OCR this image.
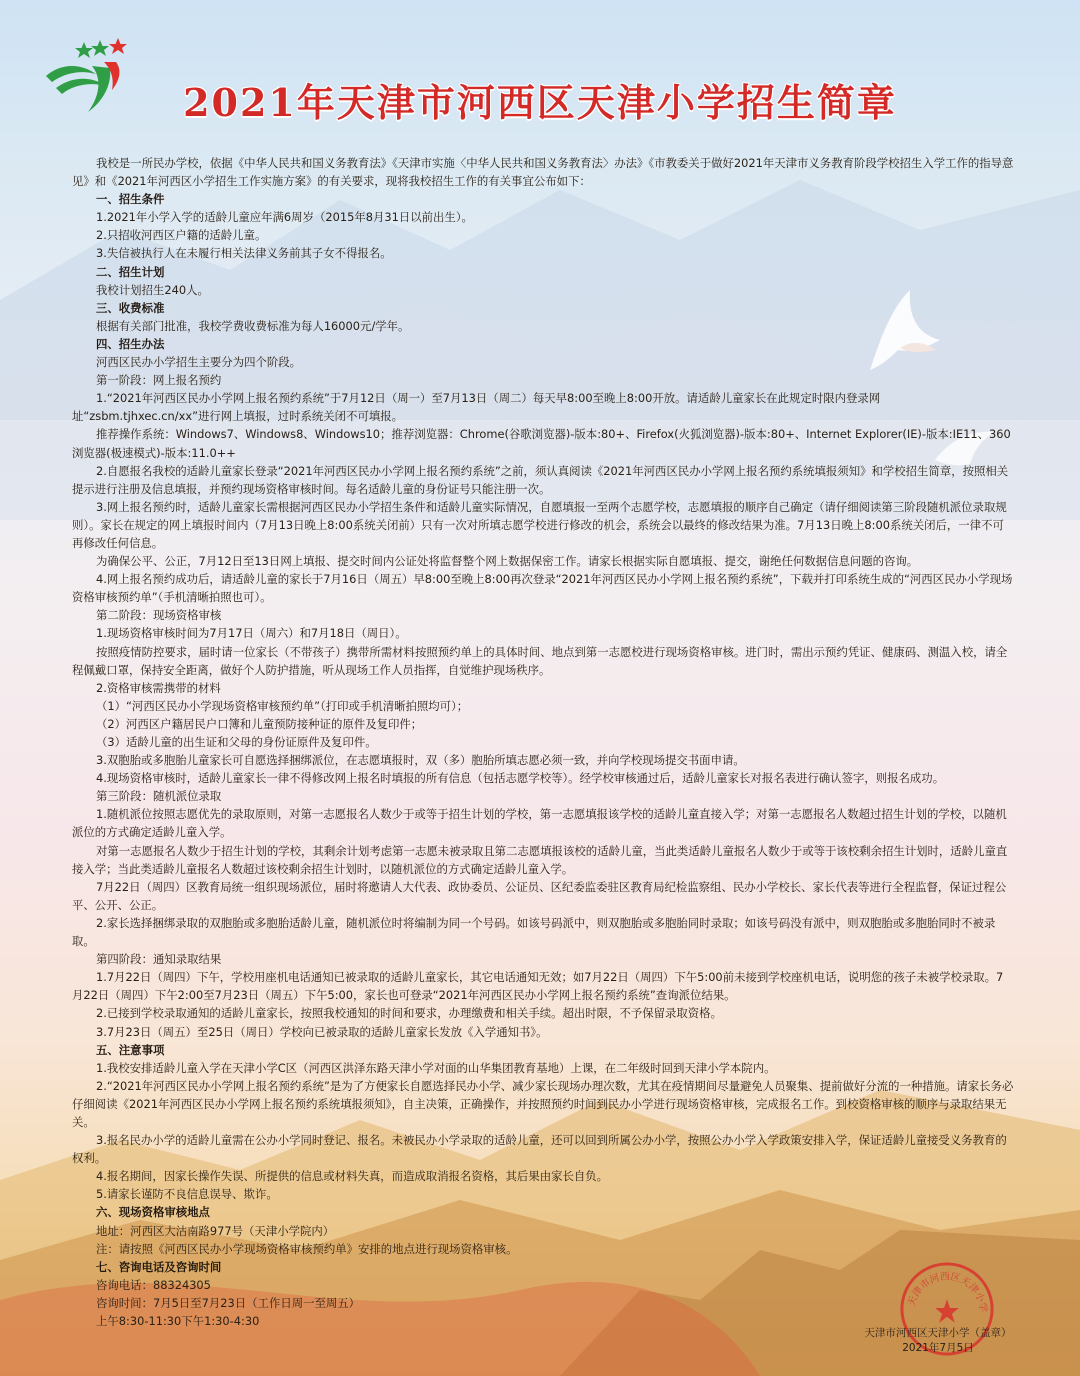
2021年天津市河西区天津小学招生简章

我校是一所民办学校，依据《中华人民共和国义务教育法》《天津市实施〈中华人民共和国义务教育法〉办法》《市教委关于做好2021年天津市义务教育阶段学校招生入学工作的指导意见》和《2021年河西区小学招生工作实施方案》的有关要求，现将我校招生工作的有关事宜公布如下：

一、招生条件

1.2021年小学入学的适龄儿童应年满6周岁（2015年8月31日以前出生）。

2.只招收河西区户籍的适龄儿童。

3.失信被执行人在未履行相关法律义务前其子女不得报名。

二、招生计划

我校计划招生240人。

三、收费标准

根据有关部门批准，我校学费收费标准为每人16000元/学年。

四、招生办法

河西区民办小学招生主要分为四个阶段。

第一阶段：网上报名预约

1.“2021年河西区民办小学网上报名预约系统”于7月12日（周一）至7月13日（周二）每天早8:00至晚上8:00开放。请适龄儿童家长在此规定时限内登录网址“zsbm.tjhxec.cn/xx”进行网上填报，过时系统关闭不可填报。

推荐操作系统：Windows7、Windows8、Windows10；推荐浏览器：Chrome(谷歌浏览器)-版本:80+、Firefox(火狐浏览器)-版本:80+、Internet Explorer(IE)-版本:IE11、360浏览器(极速模式)-版本:11.0++

2.自愿报名我校的适龄儿童家长登录“2021年河西区民办小学网上报名预约系统”之前，须认真阅读《2021年河西区民办小学网上报名预约系统填报须知》和学校招生简章，按照相关提示进行注册及信息填报，并预约现场资格审核时间。每名适龄儿童的身份证号只能注册一次。

3.网上报名预约时，适龄儿童家长需根据河西区民办小学招生条件和适龄儿童实际情况，自愿填报一至两个志愿学校，志愿填报的顺序自己确定（请仔细阅读第三阶段随机派位录取规则）。家长在规定的网上填报时间内（7月13日晚上8:00系统关闭前）只有一次对所填志愿学校进行修改的机会，系统会以最终的修改结果为准。7月13日晚上8:00系统关闭后，一律不可再修改任何信息。

为确保公平、公正，7月12日至13日网上填报、提交时间内公证处将监督整个网上数据保密工作。请家长根据实际自愿填报、提交，谢绝任何数据信息问题的咨询。

4.网上报名预约成功后，请适龄儿童的家长于7月16日（周五）早8:00至晚上8:00再次登录“2021年河西区民办小学网上报名预约系统”，下载并打印系统生成的“河西区民办小学现场资格审核预约单”（手机清晰拍照也可）。

第二阶段：现场资格审核

1.现场资格审核时间为7月17日（周六）和7月18日（周日）。

按照疫情防控要求，届时请一位家长（不带孩子）携带所需材料按照预约单上的具体时间、地点到第一志愿校进行现场资格审核。进门时，需出示预约凭证、健康码、测温入校，请全程佩戴口罩，保持安全距离，做好个人防护措施，听从现场工作人员指挥，自觉维护现场秩序。

2.资格审核需携带的材料

（1）“河西区民办小学现场资格审核预约单”（打印或手机清晰拍照均可）；

（2）河西区户籍居民户口簿和儿童预防接种证的原件及复印件；

（3）适龄儿童的出生证和父母的身份证原件及复印件。

3.双胞胎或多胞胎儿童家长可自愿选择捆绑派位，在志愿填报时，双（多）胞胎所填志愿必须一致，并向学校现场提交书面申请。

4.现场资格审核时，适龄儿童家长一律不得修改网上报名时填报的所有信息（包括志愿学校等）。经学校审核通过后，适龄儿童家长对报名表进行确认签字，则报名成功。

第三阶段：随机派位录取

1.随机派位按照志愿优先的录取原则，对第一志愿报名人数少于或等于招生计划的学校，第一志愿填报该学校的适龄儿童直接入学；对第一志愿报名人数超过招生计划的学校，以随机派位的方式确定适龄儿童入学。

对第一志愿报名人数少于招生计划的学校，其剩余计划考虑第一志愿未被录取且第二志愿填报该校的适龄儿童，当此类适龄儿童报名人数少于或等于该校剩余招生计划时，适龄儿童直接入学；当此类适龄儿童报名人数超过该校剩余招生计划时，以随机派位的方式确定适龄儿童入学。

7月22日（周四）区教育局统一组织现场派位，届时将邀请人大代表、政协委员、公证员、区纪委监委驻区教育局纪检监察组、民办小学校长、家长代表等进行全程监督，保证过程公平、公开、公正。

2.家长选择捆绑录取的双胞胎或多胞胎适龄儿童，随机派位时将编制为同一个号码。如该号码派中，则双胞胎或多胞胎同时录取；如该号码没有派中，则双胞胎或多胞胎同时不被录取。

第四阶段：通知录取结果

1.7月22日（周四）下午，学校用座机电话通知已被录取的适龄儿童家长，其它电话通知无效；如7月22日（周四）下午5:00前未接到学校座机电话，说明您的孩子未被学校录取。7月22日（周四）下午2:00至7月23日（周五）下午5:00，家长也可登录“2021年河西区民办小学网上报名预约系统”查询派位结果。

2.已接到学校录取通知的适龄儿童家长，按照我校通知的时间和要求，办理缴费和相关手续。超出时限，不予保留录取资格。

3.7月23日（周五）至25日（周日）学校向已被录取的适龄儿童家长发放《入学通知书》。

五、注意事项

1.我校安排适龄儿童入学在天津小学C区（河西区洪泽东路天津小学对面的山华集团教育基地）上课，在二年级时回到天津小学本院内。

2.“2021年河西区民办小学网上报名预约系统”是为了方便家长自愿选择民办小学、减少家长现场办理次数，尤其在疫情期间尽量避免人员聚集、提前做好分流的一种措施。请家长务必仔细阅读《2021年河西区民办小学网上报名预约系统填报须知》，自主决策，正确操作，并按照预约时间到民办小学进行现场资格审核，完成报名工作。到校资格审核的顺序与录取结果无关。

3.报名民办小学的适龄儿童需在公办小学同时登记、报名。未被民办小学录取的适龄儿童，还可以回到所属公办小学，按照公办小学入学政策安排入学，保证适龄儿童接受义务教育的权利。

4.报名期间，因家长操作失误、所提供的信息或材料失真，而造成取消报名资格，其后果由家长自负。

5.请家长谨防不良信息误导、欺诈。

六、现场资格审核地点

地址：河西区大沽南路977号（天津小学院内）

注：请按照《河西区民办小学现场资格审核预约单》安排的地点进行现场资格审核。

七、咨询电话及咨询时间

咨询电话：88324305

咨询时间：7月5日至7月23日（工作日周一至周五）

上午8:30-11:30下午1:30-4:30

天津市河西区天津小学
天津市河西区天津小学（盖章）
2021年7月5日
